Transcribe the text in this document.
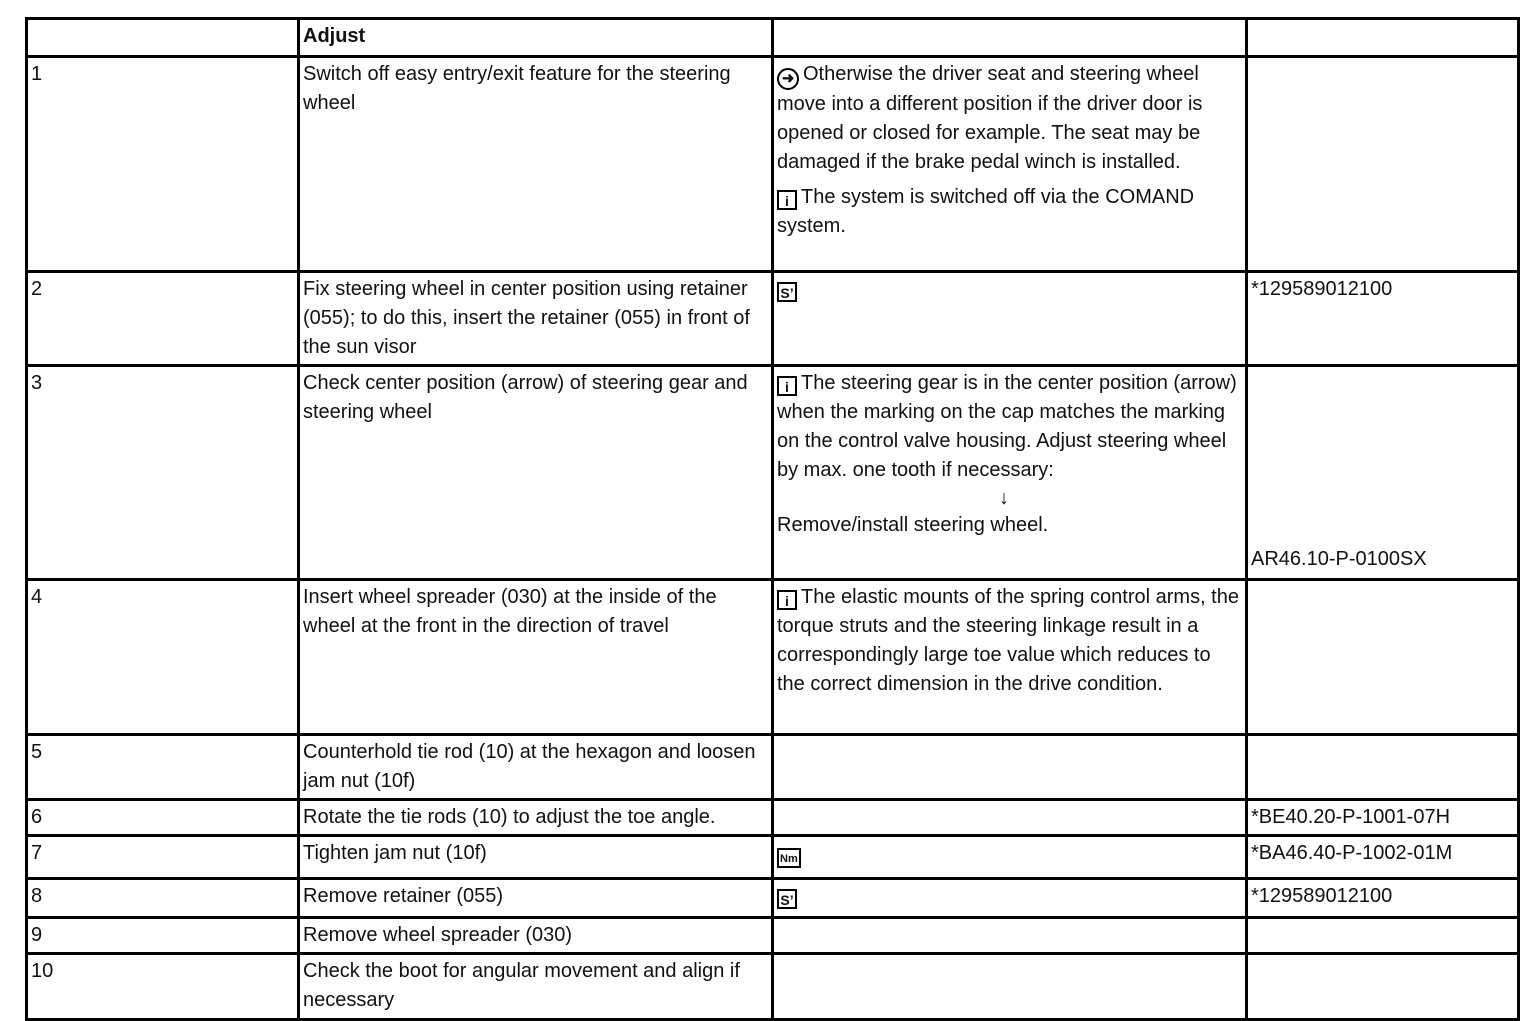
	Adjust		
1	Switch off easy entry/exit feature for the steering wheel	➜ Otherwise the driver seat and steering wheel move into a different position if the driver door is opened or closed for example. The seat may be damaged if the brake pedal winch is installed.
i The system is switched off via the COMAND system.	

2	Fix steering wheel in center position using retainer (055); to do this, insert the retainer (055) in front of the sun visor	S’	*129589012100
3	Check center position (arrow) of steering gear and steering wheel	i The steering gear is in the center position (arrow) when the marking on the cap matches the marking on the control valve housing. Adjust steering wheel by max. one tooth if necessary:
↓
Remove/install steering wheel.	AR46.10-P-0100SX

4	Insert wheel spreader (030) at the inside of the wheel at the front in the direction of travel	i The elastic mounts of the spring control arms, the torque struts and the steering linkage result in a correspondingly large toe value which reduces to the correct dimension in the drive condition.	

5	Counterhold tie rod (10) at the hexagon and loosen jam nut (10f)		
6	Rotate the tie rods (10) to adjust the toe angle.		*BE40.20-P-1001-07H
7	Tighten jam nut (10f)	Nm	*BA46.40-P-1002-01M
8	Remove retainer (055)	S’	*129589012100
9	Remove wheel spreader (030)		
10	Check the boot for angular movement and align if necessary		
